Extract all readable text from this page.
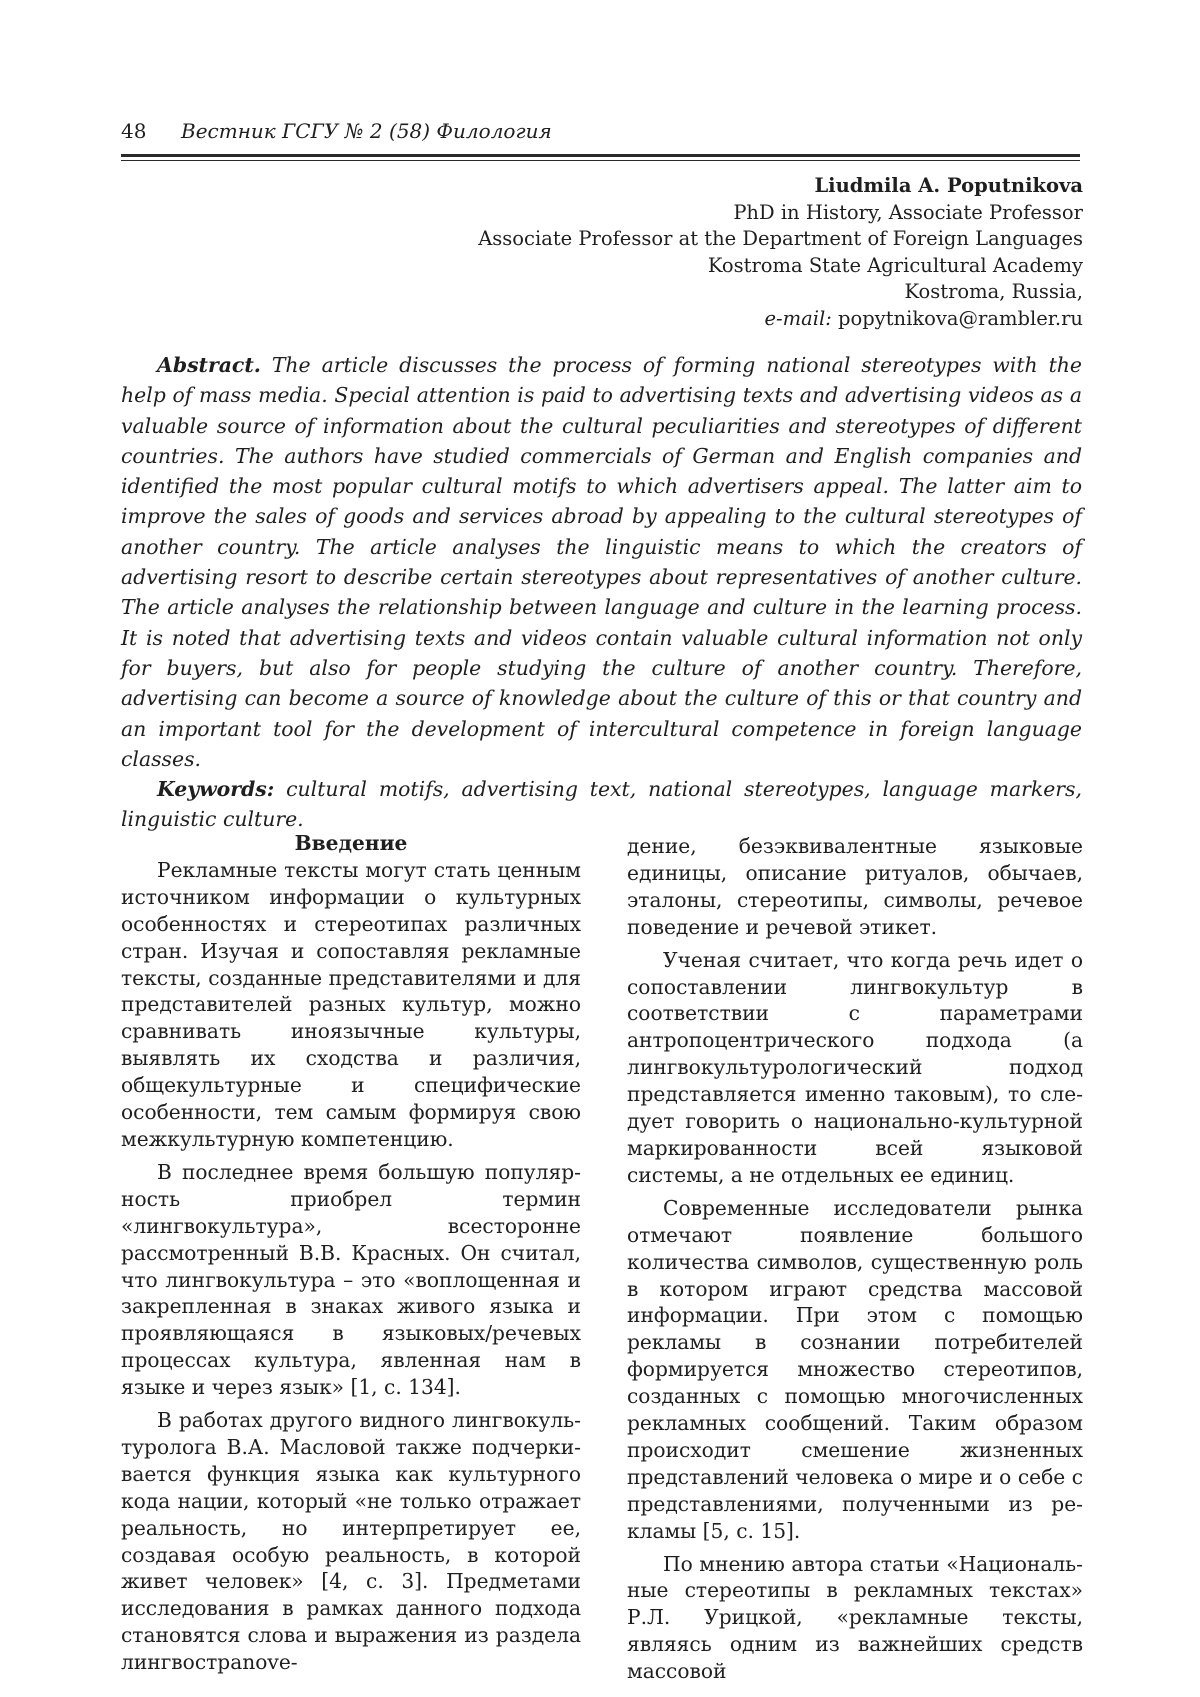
48 Вестник ГСГУ № 2 (58) Филология
Liudmila A. Poputnikova
PhD in History, Associate Professor
Associate Professor at the Department of Foreign Languages
Kostroma State Agricultural Academy
Kostroma, Russia,
e-mail: popytnikova@rambler.ru

Abstract. The article discusses the process of forming national stereotypes with the help of mass media. Special attention is paid to advertising texts and advertising videos as a valuable source of information about the cultural peculiarities and stereotypes of different countries. The authors have studied commercials of German and English companies and identified the most popular cultural motifs to which advertisers appeal. The latter aim to improve the sales of goods and services abroad by appealing to the cultural stereotypes of another country. The article analyses the linguistic means to which the creators of advertising resort to describe certain stereotypes about representatives of another culture. The article analyses the relationship between language and culture in the learning process. It is noted that advertising texts and videos contain valuable cultural information not only for buyers, but also for people studying the culture of another country. Therefore, advertising can become a source of knowledge about the culture of this or that country and an important tool for the development of intercultural competence in foreign language classes.

Keywords: cultural motifs, advertising text, national stereotypes, language markers, linguistic culture.

Введение

Рекламные тексты могут стать ценным источником информации о культурных особенностях и стереотипах различных стран. Изучая и сопоставляя рекламные тексты, созданные представителями и для представителей разных культур, можно сравнивать иноязычные культуры, выявлять их сходства и различия, общекультурные и специфические особенности, тем самым формируя свою межкультурную компетенцию.

В последнее время большую популярность приобрел термин «лингвокультура», всесторонне рассмотренный В.В. Красных. Он считал, что лингвокультура – это «воплощенная и закрепленная в знаках живого языка и проявляющаяся в языковых/речевых процессах культура, явленная нам в языке и через язык» [1, с. 134].

В работах другого видного лингвокультуролога В.А. Масловой также подчеркивается функция языка как культурного кода нации, который «не только отражает реальность, но интерпретирует ее, создавая особую реальность, в которой живет человек» [4, с. 3]. Предметами исследования в рамках данного подхода становятся слова и выражения из раздела лингвострanove-

дение, безэквивалентные языковые единицы, описание ритуалов, обычаев, эталоны, стереотипы, символы, речевое поведение и речевой этикет.

Ученая считает, что когда речь идет о сопоставлении лингвокультур в соответствии с параметрами антропоцентрического подхода (а лингвокультурологический подход представляется именно таковым), то следует говорить о национально-культурной маркированности всей языковой системы, а не отдельных ее единиц.

Современные исследователи рынка отмечают появление большого количества символов, существенную роль в котором играют средства массовой информации. При этом с помощью рекламы в сознании потребителей формируется множество стереотипов, созданных с помощью многочисленных рекламных сообщений. Таким образом происходит смешение жизненных представлений человека о мире и о себе с представлениями, полученными из рекламы [5, с. 15].

По мнению автора статьи «Национальные стереотипы в рекламных текстах» Р.Л. Урицкой, «рекламные тексты, являясь одним из важнейших средств массовой
